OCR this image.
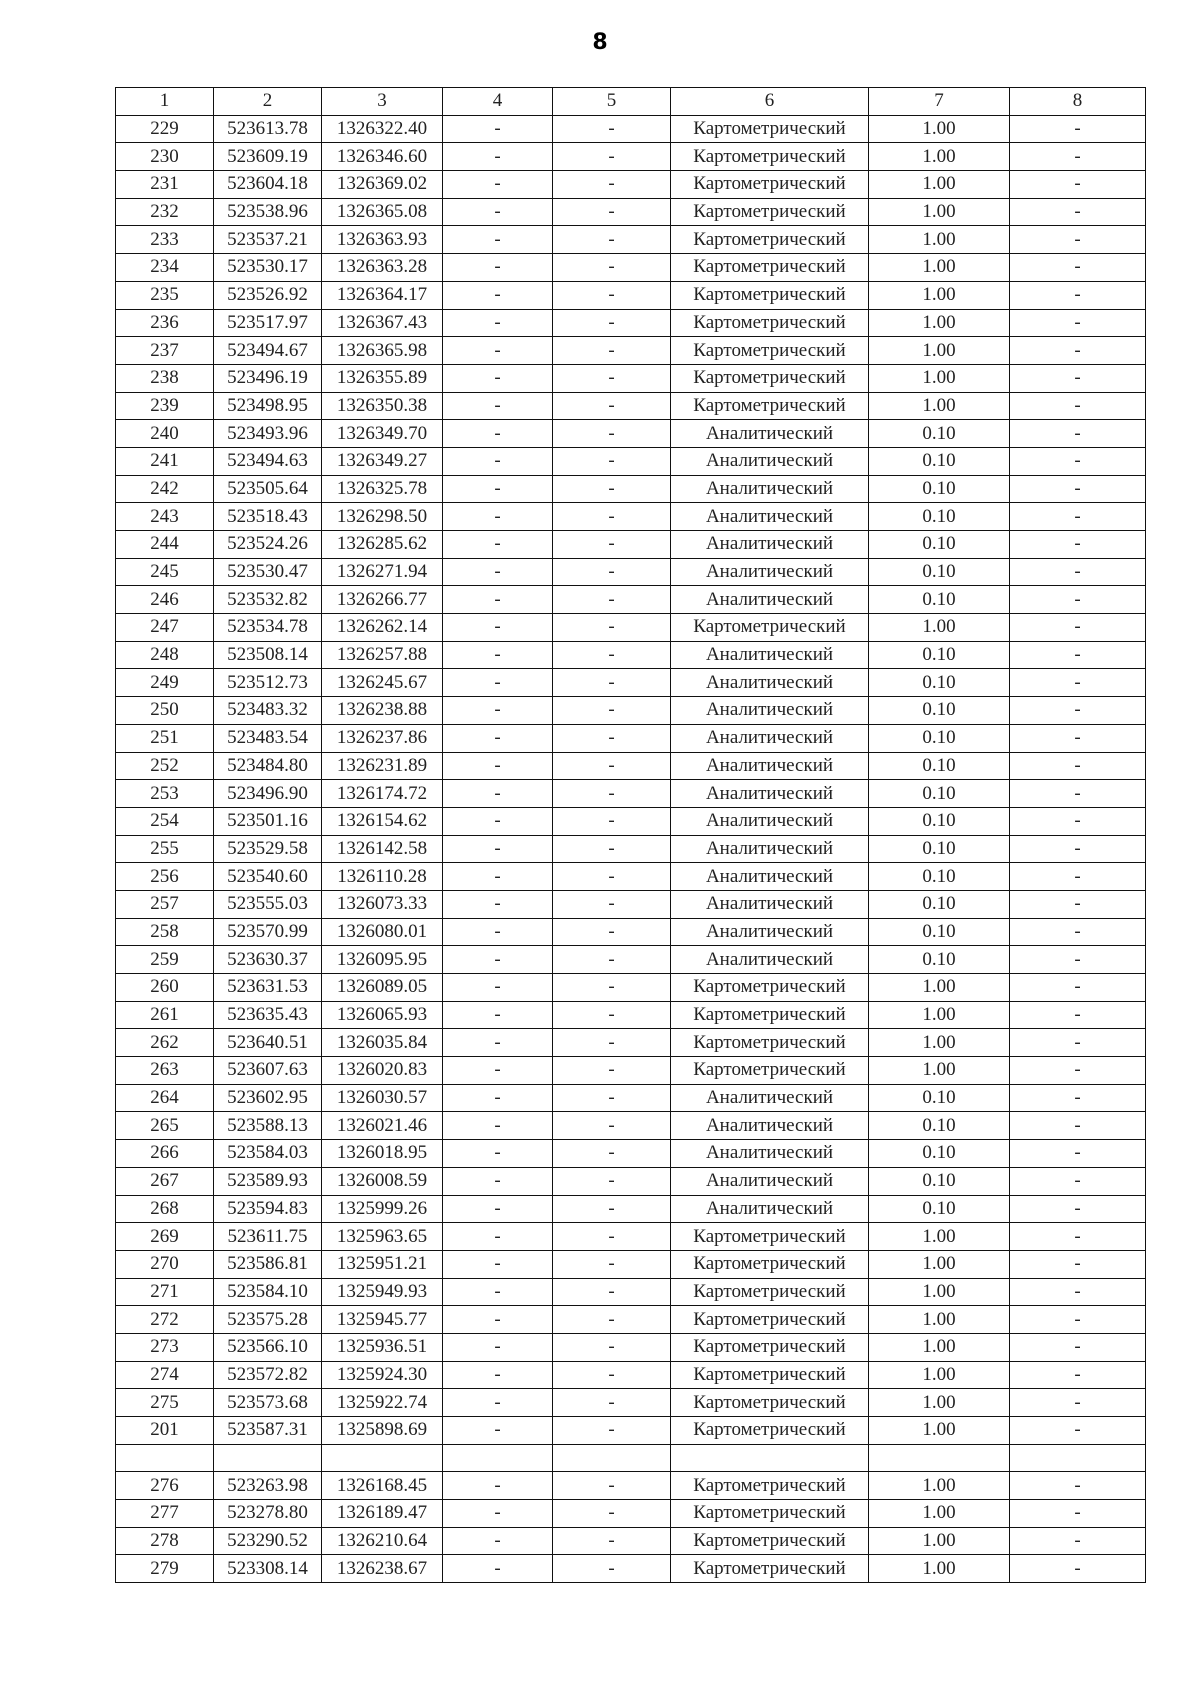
8
1	2	3	4	5	6	7	8
229	523613.78	1326322.40	-	-	Картометрический	1.00	-
230	523609.19	1326346.60	-	-	Картометрический	1.00	-
231	523604.18	1326369.02	-	-	Картометрический	1.00	-
232	523538.96	1326365.08	-	-	Картометрический	1.00	-
233	523537.21	1326363.93	-	-	Картометрический	1.00	-
234	523530.17	1326363.28	-	-	Картометрический	1.00	-
235	523526.92	1326364.17	-	-	Картометрический	1.00	-
236	523517.97	1326367.43	-	-	Картометрический	1.00	-
237	523494.67	1326365.98	-	-	Картометрический	1.00	-
238	523496.19	1326355.89	-	-	Картометрический	1.00	-
239	523498.95	1326350.38	-	-	Картометрический	1.00	-
240	523493.96	1326349.70	-	-	Аналитический	0.10	-
241	523494.63	1326349.27	-	-	Аналитический	0.10	-
242	523505.64	1326325.78	-	-	Аналитический	0.10	-
243	523518.43	1326298.50	-	-	Аналитический	0.10	-
244	523524.26	1326285.62	-	-	Аналитический	0.10	-
245	523530.47	1326271.94	-	-	Аналитический	0.10	-
246	523532.82	1326266.77	-	-	Аналитический	0.10	-
247	523534.78	1326262.14	-	-	Картометрический	1.00	-
248	523508.14	1326257.88	-	-	Аналитический	0.10	-
249	523512.73	1326245.67	-	-	Аналитический	0.10	-
250	523483.32	1326238.88	-	-	Аналитический	0.10	-
251	523483.54	1326237.86	-	-	Аналитический	0.10	-
252	523484.80	1326231.89	-	-	Аналитический	0.10	-
253	523496.90	1326174.72	-	-	Аналитический	0.10	-
254	523501.16	1326154.62	-	-	Аналитический	0.10	-
255	523529.58	1326142.58	-	-	Аналитический	0.10	-
256	523540.60	1326110.28	-	-	Аналитический	0.10	-
257	523555.03	1326073.33	-	-	Аналитический	0.10	-
258	523570.99	1326080.01	-	-	Аналитический	0.10	-
259	523630.37	1326095.95	-	-	Аналитический	0.10	-
260	523631.53	1326089.05	-	-	Картометрический	1.00	-
261	523635.43	1326065.93	-	-	Картометрический	1.00	-
262	523640.51	1326035.84	-	-	Картометрический	1.00	-
263	523607.63	1326020.83	-	-	Картометрический	1.00	-
264	523602.95	1326030.57	-	-	Аналитический	0.10	-
265	523588.13	1326021.46	-	-	Аналитический	0.10	-
266	523584.03	1326018.95	-	-	Аналитический	0.10	-
267	523589.93	1326008.59	-	-	Аналитический	0.10	-
268	523594.83	1325999.26	-	-	Аналитический	0.10	-
269	523611.75	1325963.65	-	-	Картометрический	1.00	-
270	523586.81	1325951.21	-	-	Картометрический	1.00	-
271	523584.10	1325949.93	-	-	Картометрический	1.00	-
272	523575.28	1325945.77	-	-	Картометрический	1.00	-
273	523566.10	1325936.51	-	-	Картометрический	1.00	-
274	523572.82	1325924.30	-	-	Картометрический	1.00	-
275	523573.68	1325922.74	-	-	Картометрический	1.00	-
201	523587.31	1325898.69	-	-	Картометрический	1.00	-

276	523263.98	1326168.45	-	-	Картометрический	1.00	-
277	523278.80	1326189.47	-	-	Картометрический	1.00	-
278	523290.52	1326210.64	-	-	Картометрический	1.00	-
279	523308.14	1326238.67	-	-	Картометрический	1.00	-
